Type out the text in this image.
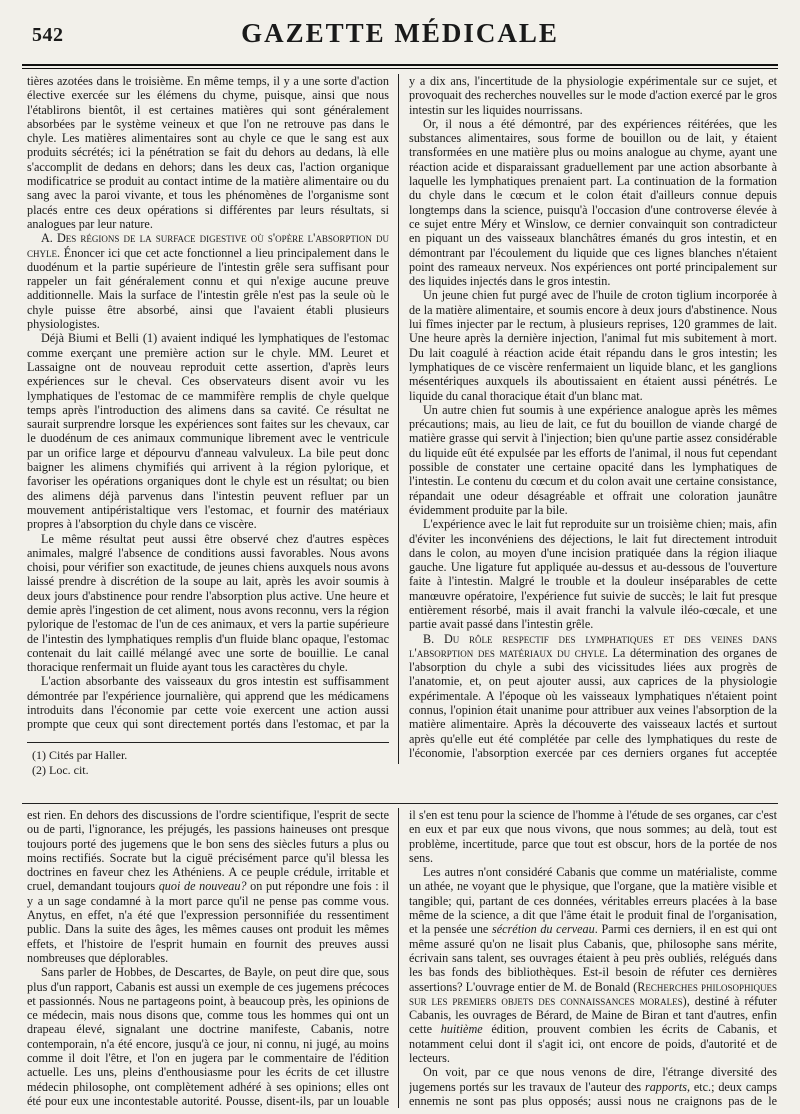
542	GAZETTE MÉDICALE

tières azotées dans le troisième. En même temps, il y a une sorte d'action élective exercée sur les élémens du chyme, puisque, ainsi que nous l'établirons bientôt, il est certaines matières qui sont généralement absorbées par le système veineux et que l'on ne retrouve pas dans le chyle. Les matières alimentaires sont au chyle ce que le sang est aux produits sécrétés; ici la pénétration se fait du dehors au dedans, là elle s'accomplit de dedans en dehors; dans les deux cas, l'action organique modificatrice se produit au contact intime de la matière alimentaire ou du sang avec la paroi vivante, et tous les phénomènes de l'organisme sont placés entre ces deux opérations si différentes par leurs résultats, si analogues par leur nature.

A. Des régions de la surface digestive où s'opère l'absorption du chyle. Énoncer ici que cet acte fonctionnel a lieu principalement dans le duodénum et la partie supérieure de l'intestin grêle sera suffisant pour rappeler un fait généralement connu et qui n'exige aucune preuve additionnelle. Mais la surface de l'intestin grêle n'est pas la seule où le chyle puisse être absorbé, ainsi que l'avaient établi plusieurs physiologistes.

Déjà Biumi et Belli (1) avaient indiqué les lymphatiques de l'estomac comme exerçant une première action sur le chyle. MM. Leuret et Lassaigne ont de nouveau reproduit cette assertion, d'après leurs expériences sur le cheval. Ces observateurs disent avoir vu les lymphatiques de l'estomac de ce mammifère remplis de chyle quelque temps après l'introduction des alimens dans sa cavité. Ce résultat ne saurait surprendre lorsque les expériences sont faites sur les chevaux, car le duodénum de ces animaux communique librement avec le ventricule par un orifice large et dépourvu d'anneau valvuleux. La bile peut donc baigner les alimens chymifiés qui arrivent à la région pylorique, et favoriser les opérations organiques dont le chyle est un résultat; ou bien des alimens déjà parvenus dans l'intestin peuvent refluer par un mouvement antipéristaltique vers l'estomac, et fournir des matériaux propres à l'absorption du chyle dans ce viscère.

Le même résultat peut aussi être observé chez d'autres espèces animales, malgré l'absence de conditions aussi favorables. Nous avons choisi, pour vérifier son exactitude, de jeunes chiens auxquels nous avons laissé prendre à discrétion de la soupe au lait, après les avoir soumis à deux jours d'abstinence pour rendre l'absorption plus active. Une heure et demie après l'ingestion de cet aliment, nous avons reconnu, vers la région pylorique de l'estomac de l'un de ces animaux, et vers la partie supérieure de l'intestin des lymphatiques remplis d'un fluide blanc opaque, l'estomac contenait du lait caillé mélangé avec une sorte de bouillie. Le canal thoracique renfermait un fluide ayant tous les caractères du chyle.

L'action absorbante des vaisseaux du gros intestin est suffisamment démontrée par l'expérience journalière, qui apprend que les médicamens introduits dans l'économie par cette voie exercent une action aussi prompte que ceux qui sont directement portés dans l'estomac, et par la

(1) Cités par Haller.
(2) Loc. cit.

y a dix ans, l'incertitude de la physiologie expérimentale sur ce sujet, et provoquait des recherches nouvelles sur le mode d'action exercé par le gros intestin sur les liquides nourrissans.

Or, il nous a été démontré, par des expériences réitérées, que les substances alimentaires, sous forme de bouillon ou de lait, y étaient transformées en une matière plus ou moins analogue au chyme, ayant une réaction acide et disparaissant graduellement par une action absorbante à laquelle les lymphatiques prenaient part. La continuation de la formation du chyle dans le cœcum et le colon était d'ailleurs connue depuis longtemps dans la science, puisqu'à l'occasion d'une controverse élevée à ce sujet entre Méry et Winslow, ce dernier convainquit son contradicteur en piquant un des vaisseaux blanchâtres émanés du gros intestin, et en démontrant par l'écoulement du liquide que ces lignes blanches n'étaient point des rameaux nerveux. Nos expériences ont porté principalement sur des liquides injectés dans le gros intestin.

Un jeune chien fut purgé avec de l'huile de croton tiglium incorporée à de la matière alimentaire, et soumis encore à deux jours d'abstinence. Nous lui fîmes injecter par le rectum, à plusieurs reprises, 120 grammes de lait. Une heure après la dernière injection, l'animal fut mis subitement à mort. Du lait coagulé à réaction acide était répandu dans le gros intestin; les lymphatiques de ce viscère renfermaient un liquide blanc, et les ganglions mésentériques auxquels ils aboutissaient en étaient aussi pénétrés. Le liquide du canal thoracique était d'un blanc mat.

Un autre chien fut soumis à une expérience analogue après les mêmes précautions; mais, au lieu de lait, ce fut du bouillon de viande chargé de matière grasse qui servit à l'injection; bien qu'une partie assez considérable du liquide eût été expulsée par les efforts de l'animal, il nous fut cependant possible de constater une certaine opacité dans les lymphatiques de l'intestin. Le contenu du cœcum et du colon avait une certaine consistance, répandait une odeur désagréable et offrait une coloration jaunâtre évidemment produite par la bile.

L'expérience avec le lait fut reproduite sur un troisième chien; mais, afin d'éviter les inconvéniens des déjections, le lait fut directement introduit dans le colon, au moyen d'une incision pratiquée dans la région iliaque gauche. Une ligature fut appliquée au-dessus et au-dessous de l'ouverture faite à l'intestin. Malgré le trouble et la douleur inséparables de cette manœuvre opératoire, l'expérience fut suivie de succès; le lait fut presque entièrement résorbé, mais il avait franchi la valvule iléo-cœcale, et une partie avait passé dans l'intestin grêle.

B. Du rôle respectif des lymphatiques et des veines dans l'absorption des matériaux du chyle. La détermination des organes de l'absorption du chyle a subi des vicissitudes liées aux progrès de l'anatomie, et, on peut ajouter aussi, aux caprices de la physiologie expérimentale. A l'époque où les vaisseaux lymphatiques n'étaient point connus, l'opinion était unanime pour attribuer aux veines l'absorption de la matière alimentaire. Après la découverte des vaisseaux lactés et surtout après qu'elle eut été complétée par celle des lymphatiques du reste de l'économie, l'absorption exercée par ces derniers organes fut acceptée

est rien. En dehors des discussions de l'ordre scientifique, l'esprit de secte ou de parti, l'ignorance, les préjugés, les passions haineuses ont presque toujours porté des jugemens que le bon sens des siècles futurs a plus ou moins rectifiés. Socrate but la ciguë précisément parce qu'il blessa les doctrines en faveur chez les Athéniens. A ce peuple crédule, irritable et cruel, demandant toujours quoi de nouveau? on put répondre une fois : il y a un sage condamné à la mort parce qu'il ne pense pas comme vous. Anytus, en effet, n'a été que l'expression personnifiée du ressentiment public. Dans la suite des âges, les mêmes causes ont produit les mêmes effets, et l'histoire de l'esprit humain en fournit des preuves aussi nombreuses que déplorables.

Sans parler de Hobbes, de Descartes, de Bayle, on peut dire que, sous plus d'un rapport, Cabanis est aussi un exemple de ces jugemens précoces et passionnés. Nous ne partageons point, à beaucoup près, les opinions de ce médecin, mais nous disons que, comme tous les hommes qui ont un drapeau élevé, signalant une doctrine manifeste, Cabanis, notre contemporain, n'a été encore, jusqu'à ce jour, ni connu, ni jugé, au moins comme il doit l'être, et l'on en jugera par le commentaire de l'édition actuelle. Les uns, pleins d'enthousiasme pour les écrits de cet illustre médecin philosophe, ont complètement adhéré à ses opinions; elles ont été pour eux une incontestable autorité. Pousse, disent-ils, par un louable

il s'en est tenu pour la science de l'homme à l'étude de ses organes, car c'est en eux et par eux que nous vivons, que nous sommes; au delà, tout est problème, incertitude, parce que tout est obscur, hors de la portée de nos sens.

Les autres n'ont considéré Cabanis que comme un matérialiste, comme un athée, ne voyant que le physique, que l'organe, que la matière visible et tangible; qui, partant de ces données, véritables erreurs placées à la base même de la science, a dit que l'âme était le produit final de l'organisation, et la pensée une sécrétion du cerveau. Parmi ces derniers, il en est qui ont même assuré qu'on ne lisait plus Cabanis, que, philosophe sans mérite, écrivain sans talent, ses ouvrages étaient à peu près oubliés, relégués dans les bas fonds des bibliothèques. Est-il besoin de réfuter ces dernières assertions? L'ouvrage entier de M. de Bonald (Recherches philosophiques sur les premiers objets des connaissances morales), destiné à réfuter Cabanis, les ouvrages de Bérard, de Maine de Biran et tant d'autres, enfin cette huitième édition, prouvent combien les écrits de Cabanis, et notamment celui dont il s'agit ici, ont encore de poids, d'autorité et de lecteurs.

On voit, par ce que nous venons de dire, l'étrange diversité des jugemens portés sur les travaux de l'auteur des rapports, etc.; deux camps ennemis ne sont pas plus opposés; aussi nous ne craignons pas de le
